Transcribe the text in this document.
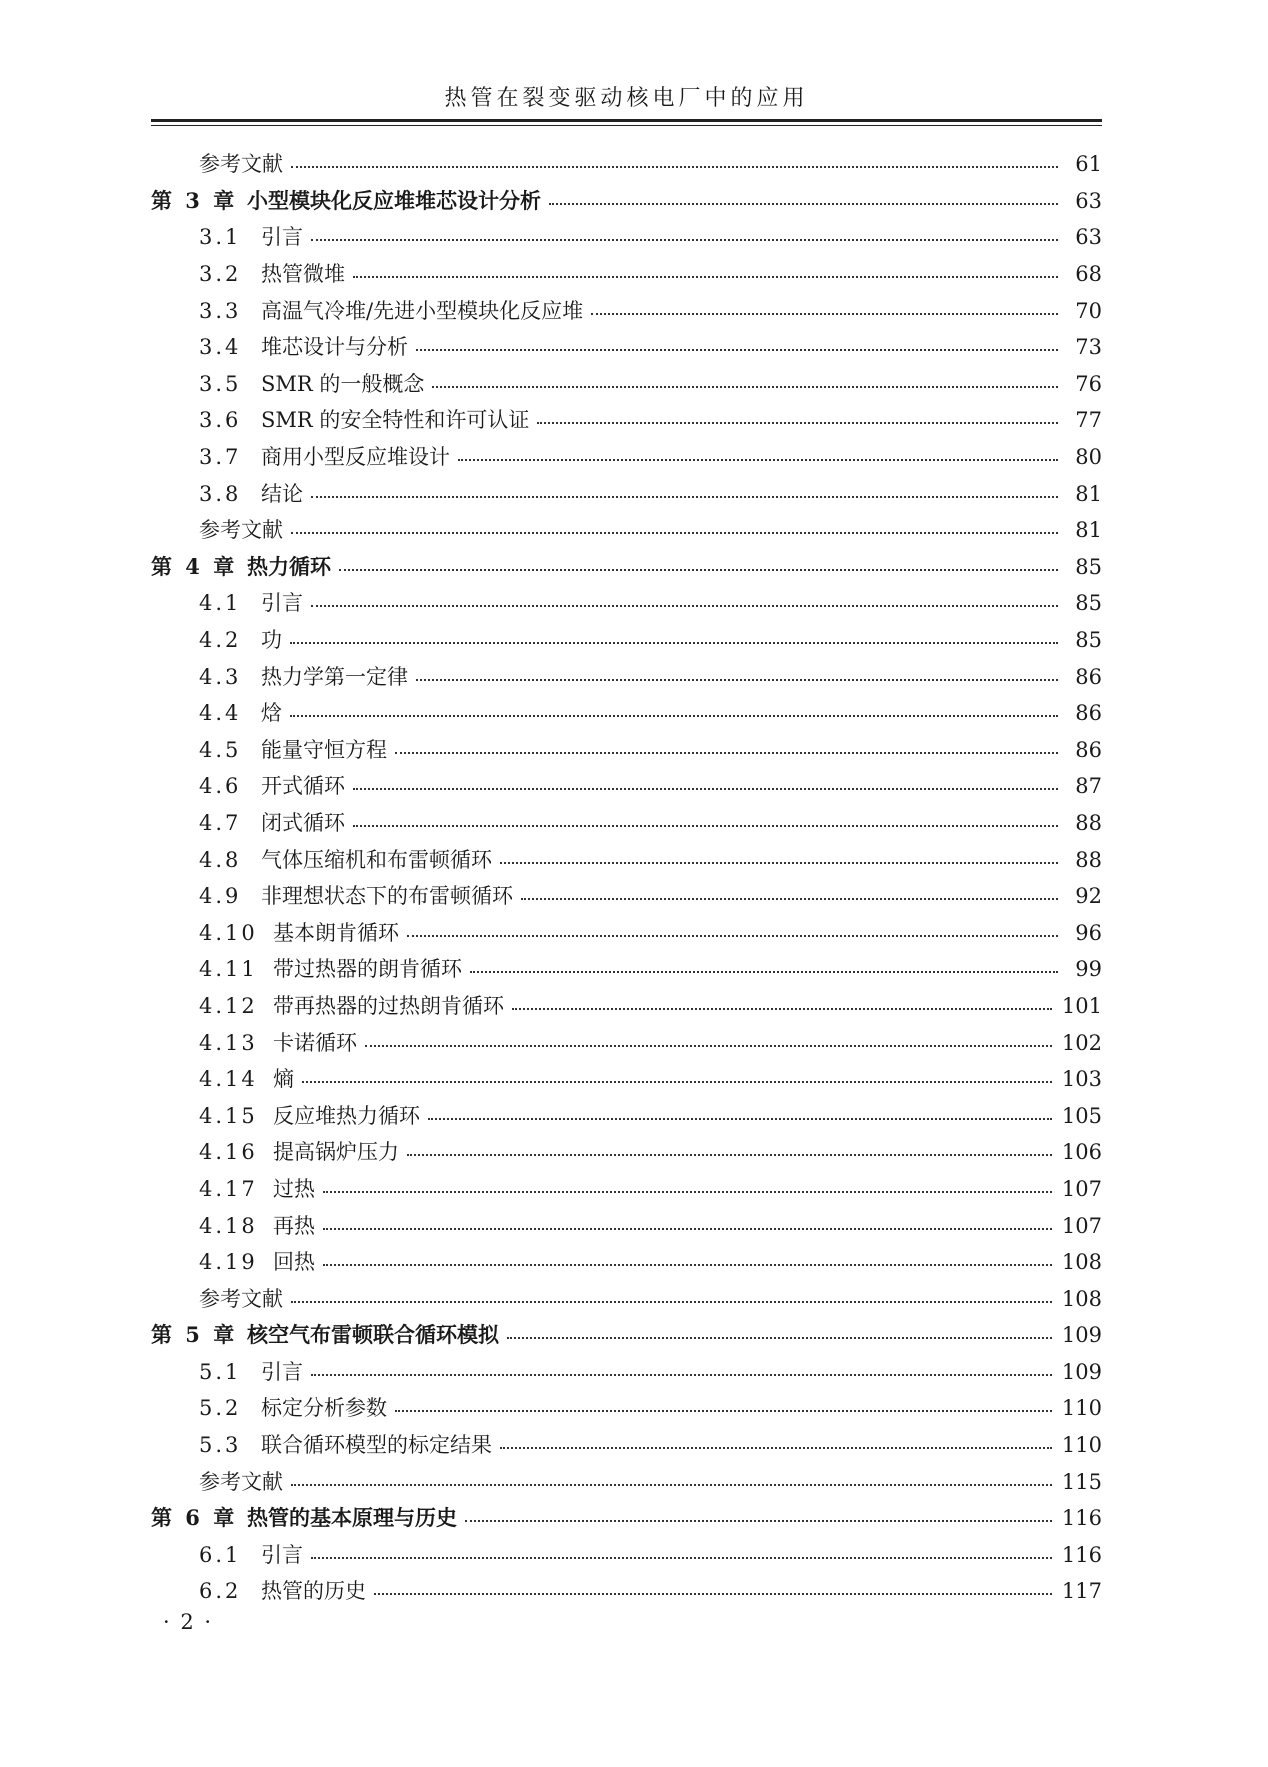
热管在裂变驱动核电厂中的应用
参考文献	61
第 3 章 小型模块化反应堆堆芯设计分析	63
3.1 引言	63
3.2 热管微堆	68
3.3 高温气冷堆/先进小型模块化反应堆	70
3.4 堆芯设计与分析	73
3.5 SMR 的一般概念	76
3.6 SMR 的安全特性和许可认证	77
3.7 商用小型反应堆设计	80
3.8 结论	81
参考文献	81
第 4 章 热力循环	85
4.1 引言	85
4.2 功	85
4.3 热力学第一定律	86
4.4 焓	86
4.5 能量守恒方程	86
4.6 开式循环	87
4.7 闭式循环	88
4.8 气体压缩机和布雷顿循环	88
4.9 非理想状态下的布雷顿循环	92
4.10 基本朗肯循环	96
4.11 带过热器的朗肯循环	99
4.12 带再热器的过热朗肯循环	101
4.13 卡诺循环	102
4.14 熵	103
4.15 反应堆热力循环	105
4.16 提高锅炉压力	106
4.17 过热	107
4.18 再热	107
4.19 回热	108
参考文献	108
第 5 章 核空气布雷顿联合循环模拟	109
5.1 引言	109
5.2 标定分析参数	110
5.3 联合循环模型的标定结果	110
参考文献	115
第 6 章 热管的基本原理与历史	116
6.1 引言	116
6.2 热管的历史	117
· 2 ·
